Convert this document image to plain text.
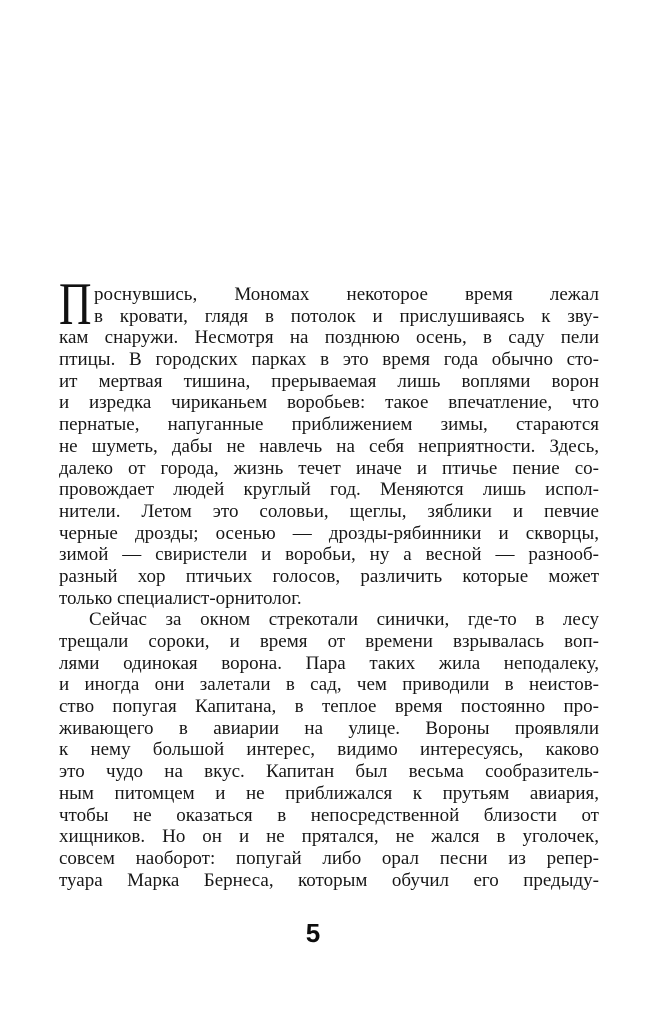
П роснувшись, Мономах некоторое время лежал
в кровати, глядя в потолок и прислушиваясь к зву-
кам снаружи. Несмотря на позднюю осень, в саду пели
птицы. В городских парках в это время года обычно сто-
ит мертвая тишина, прерываемая лишь воплями ворон
и изредка чириканьем воробьев: такое впечатление, что
пернатые, напуганные приближением зимы, стараются
не шуметь, дабы не навлечь на себя неприятности. Здесь,
далеко от города, жизнь течет иначе и птичье пение со-
провождает людей круглый год. Меняются лишь испол-
нители. Летом это соловьи, щеглы, зяблики и певчие
черные дрозды; осенью — дрозды-рябинники и скворцы,
зимой — свиристели и воробьи, ну а весной — разнооб-
разный хор птичьих голосов, различить которые может
только специалист-орнитолог.
Сейчас за окном стрекотали синички, где-то в лесу
трещали сороки, и время от времени взрывалась воп-
лями одинокая ворона. Пара таких жила неподалеку,
и иногда они залетали в сад, чем приводили в неистов-
ство попугая Капитана, в теплое время постоянно про-
живающего в авиарии на улице. Вороны проявляли
к нему большой интерес, видимо интересуясь, каково
это чудо на вкус. Капитан был весьма сообразитель-
ным питомцем и не приближался к прутьям авиария,
чтобы не оказаться в непосредственной близости от
хищников. Но он и не прятался, не жался в уголочек,
совсем наоборот: попугай либо орал песни из репер-
туара Марка Бернеса, которым обучил его предыду-
5
